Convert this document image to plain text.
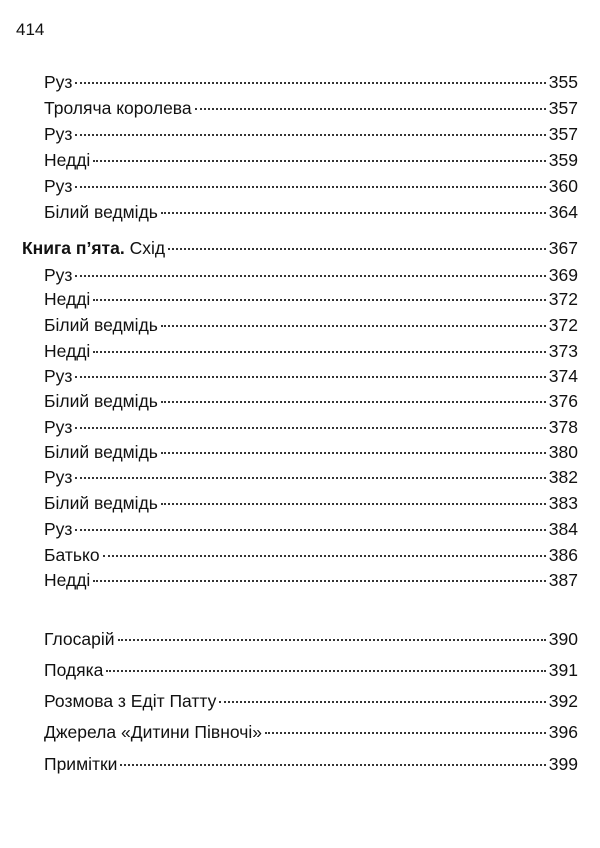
414
Руз	355
Троляча королева	357
Руз	357
Недді	359
Руз	360
Білий ведмідь	364
Книга п’ята. Схід	367
Руз	369
Недді	372
Білий ведмідь	372
Недді	373
Руз	374
Білий ведмідь	376
Руз	378
Білий ведмідь	380
Руз	382
Білий ведмідь	383
Руз	384
Батько	386
Недді	387
Глосарій	390
Подяка	391
Розмова з Едіт Патту	392
Джерела «Дитини Півночі»	396
Примітки	399
